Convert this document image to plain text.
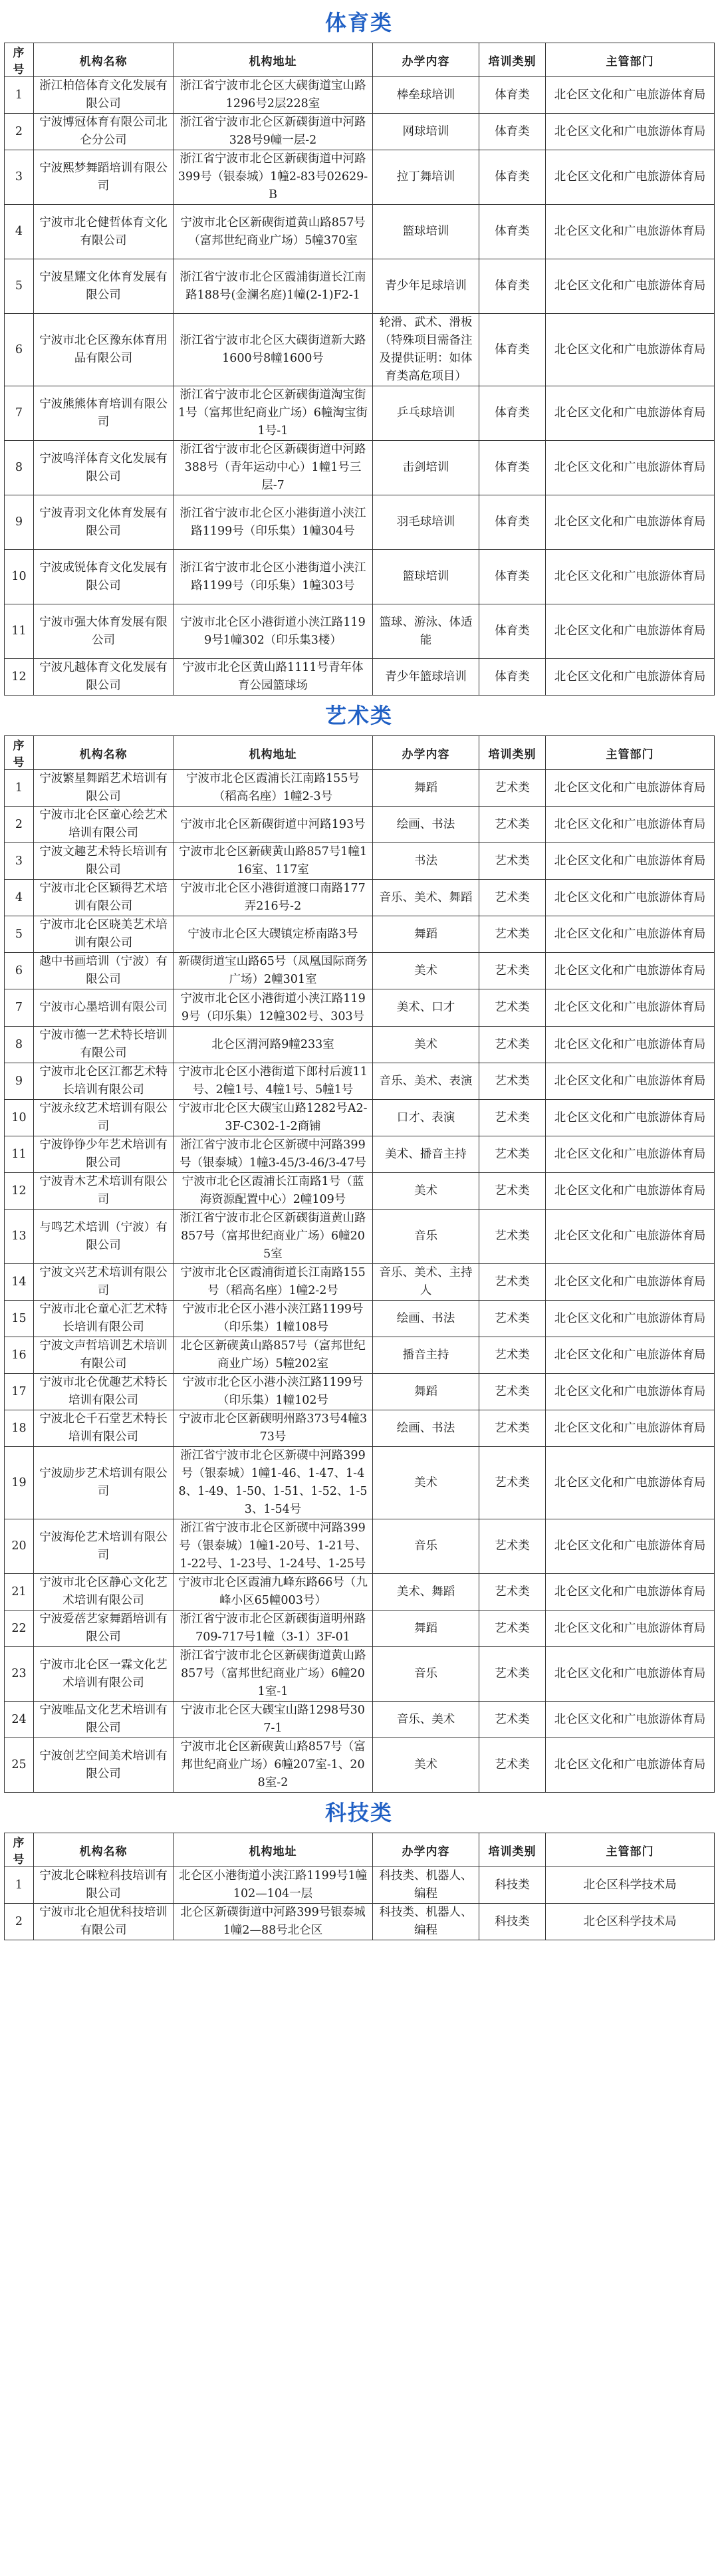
体育类
序号	机构名称	机构地址	办学内容	培训类别	主管部门
1	浙江柏倍体育文化发展有限公司	浙江省宁波市北仑区大碶街道宝山路1296号2层228室	棒垒球培训	体育类	北仑区文化和广电旅游体育局
2	宁波博冠体育有限公司北仑分公司	浙江省宁波市北仑区新碶街道中河路328号9幢一层-2	网球培训	体育类	北仑区文化和广电旅游体育局
3	宁波熙梦舞蹈培训有限公司	浙江省宁波市北仑区新碶街道中河路399号（银泰城）1幢2-83号02629-B	拉丁舞培训	体育类	北仑区文化和广电旅游体育局
4	宁波市北仑健哲体育文化有限公司	宁波市北仑区新碶街道黄山路857号（富邦世纪商业广场）5幢370室	篮球培训	体育类	北仑区文化和广电旅游体育局
5	宁波星耀文化体育发展有限公司	浙江省宁波市北仑区霞浦街道长江南路188号(金澜名庭)1幢(2-1)F2-1	青少年足球培训	体育类	北仑区文化和广电旅游体育局
6	宁波市北仑区豫东体育用品有限公司	浙江省宁波市北仑区大碶街道新大路1600号8幢1600号	轮滑、武术、滑板（特殊项目需备注及提供证明：如体育类高危项目）	体育类	北仑区文化和广电旅游体育局
7	宁波熊熊体育培训有限公司	浙江省宁波市北仑区新碶街道淘宝街1号（富邦世纪商业广场）6幢淘宝街1号-1	乒乓球培训	体育类	北仑区文化和广电旅游体育局
8	宁波鸣洋体育文化发展有限公司	浙江省宁波市北仑区新碶街道中河路388号（青年运动中心）1幢1号三层-7	击剑培训	体育类	北仑区文化和广电旅游体育局
9	宁波青羽文化体育发展有限公司	浙江省宁波市北仑区小港街道小浃江路1199号（印乐集）1幢304号	羽毛球培训	体育类	北仑区文化和广电旅游体育局
10	宁波成锐体育文化发展有限公司	浙江省宁波市北仑区小港街道小浃江路1199号（印乐集）1幢303号	篮球培训	体育类	北仑区文化和广电旅游体育局
11	宁波市强大体育发展有限公司	宁波市北仑区小港街道小浃江路1199号1幢302（印乐集3楼）	篮球、游泳、体适能	体育类	北仑区文化和广电旅游体育局
12	宁波凡越体育文化发展有限公司	宁波市北仑区黄山路1111号青年体育公园篮球场	青少年篮球培训	体育类	北仑区文化和广电旅游体育局
艺术类
序号	机构名称	机构地址	办学内容	培训类别	主管部门
1	宁波繁星舞蹈艺术培训有限公司	宁波市北仑区霞浦长江南路155号（稻高名座）1幢2-3号	舞蹈	艺术类	北仑区文化和广电旅游体育局
2	宁波市北仑区童心绘艺术培训有限公司	宁波市北仑区新碶街道中河路193号	绘画、书法	艺术类	北仑区文化和广电旅游体育局
3	宁波文趣艺术特长培训有限公司	宁波市北仑区新碶黄山路857号1幢116室、117室	书法	艺术类	北仑区文化和广电旅游体育局
4	宁波市北仑区颖得艺术培训有限公司	宁波市北仑区小港街道渡口南路177弄216号-2	音乐、美术、舞蹈	艺术类	北仑区文化和广电旅游体育局
5	宁波市北仑区晓美艺术培训有限公司	宁波市北仑区大碶镇定桥南路3号	舞蹈	艺术类	北仑区文化和广电旅游体育局
6	越中书画培训（宁波）有限公司	新碶街道宝山路65号（凤凰国际商务广场）2幢301室	美术	艺术类	北仑区文化和广电旅游体育局
7	宁波市心墨培训有限公司	宁波市北仑区小港街道小浃江路1199号（印乐集）12幢302号、303号	美术、口才	艺术类	北仑区文化和广电旅游体育局
8	宁波市德一艺术特长培训有限公司	北仑区渭河路9幢233室	美术	艺术类	北仑区文化和广电旅游体育局
9	宁波市北仑区江都艺术特长培训有限公司	宁波市北仑区小港街道下郎村后渡11号、2幢1号、4幢1号、5幢1号	音乐、美术、表演	艺术类	北仑区文化和广电旅游体育局
10	宁波永纹艺术培训有限公司	宁波市北仑区大碶宝山路1282号A2-3F-C302-1-2商铺	口才、表演	艺术类	北仑区文化和广电旅游体育局
11	宁波铮铮少年艺术培训有限公司	浙江省宁波市北仑区新碶中河路399号（银泰城）1幢3-45/3-46/3-47号	美术、播音主持	艺术类	北仑区文化和广电旅游体育局
12	宁波青木艺术培训有限公司	宁波市北仑区霞浦长江南路1号（蓝海资源配置中心）2幢109号	美术	艺术类	北仑区文化和广电旅游体育局
13	与鸣艺术培训（宁波）有限公司	浙江省宁波市北仑区新碶街道黄山路857号（富邦世纪商业广场）6幢205室	音乐	艺术类	北仑区文化和广电旅游体育局
14	宁波文兴艺术培训有限公司	宁波市北仑区霞浦街道长江南路155号（稻高名座）1幢2-2号	音乐、美术、主持人	艺术类	北仑区文化和广电旅游体育局
15	宁波市北仑童心汇艺术特长培训有限公司	宁波市北仑区小港小浃江路1199号（印乐集）1幢108号	绘画、书法	艺术类	北仑区文化和广电旅游体育局
16	宁波文声哲培训艺术培训有限公司	北仑区新碶黄山路857号（富邦世纪商业广场）5幢202室	播音主持	艺术类	北仑区文化和广电旅游体育局
17	宁波市北仑优趣艺术特长培训有限公司	宁波市北仑区小港小浃江路1199号（印乐集）1幢102号	舞蹈	艺术类	北仑区文化和广电旅游体育局
18	宁波北仑千石堂艺术特长培训有限公司	宁波市北仑区新碶明州路373号4幢373号	绘画、书法	艺术类	北仑区文化和广电旅游体育局
19	宁波励步艺术培训有限公司	浙江省宁波市北仑区新碶中河路399号（银泰城）1幢1-46、1-47、1-48、1-49、1-50、1-51、1-52、1-53、1-54号	美术	艺术类	北仑区文化和广电旅游体育局
20	宁波海伦艺术培训有限公司	浙江省宁波市北仑区新碶中河路399号（银泰城）1幢1-20号、1-21号、1-22号、1-23号、1-24号、1-25号	音乐	艺术类	北仑区文化和广电旅游体育局
21	宁波市北仑区静心文化艺术培训有限公司	宁波市北仑区霞浦九峰东路66号（九峰小区65幢003号）	美术、舞蹈	艺术类	北仑区文化和广电旅游体育局
22	宁波爱蓓艺家舞蹈培训有限公司	浙江省宁波市北仑区新碶街道明州路709-717号1幢（3-1）3F-01	舞蹈	艺术类	北仑区文化和广电旅游体育局
23	宁波市北仑区一霖文化艺术培训有限公司	浙江省宁波市北仑区新碶街道黄山路857号（富邦世纪商业广场）6幢201室-1	音乐	艺术类	北仑区文化和广电旅游体育局
24	宁波唯品文化艺术培训有限公司	宁波市北仑区大碶宝山路1298号307-1	音乐、美术	艺术类	北仑区文化和广电旅游体育局
25	宁波创艺空间美术培训有限公司	宁波市北仑区新碶黄山路857号（富邦世纪商业广场）6幢207室-1、208室-2	美术	艺术类	北仑区文化和广电旅游体育局
科技类
序号	机构名称	机构地址	办学内容	培训类别	主管部门
1	宁波北仑咪粒科技培训有限公司	北仑区小港街道小浃江路1199号1幢102—104一层	科技类、机器人、编程	科技类	北仑区科学技术局
2	宁波市北仑旭优科技培训有限公司	北仑区新碶街道中河路399号银泰城1幢2—88号北仑区	科技类、机器人、编程	科技类	北仑区科学技术局
